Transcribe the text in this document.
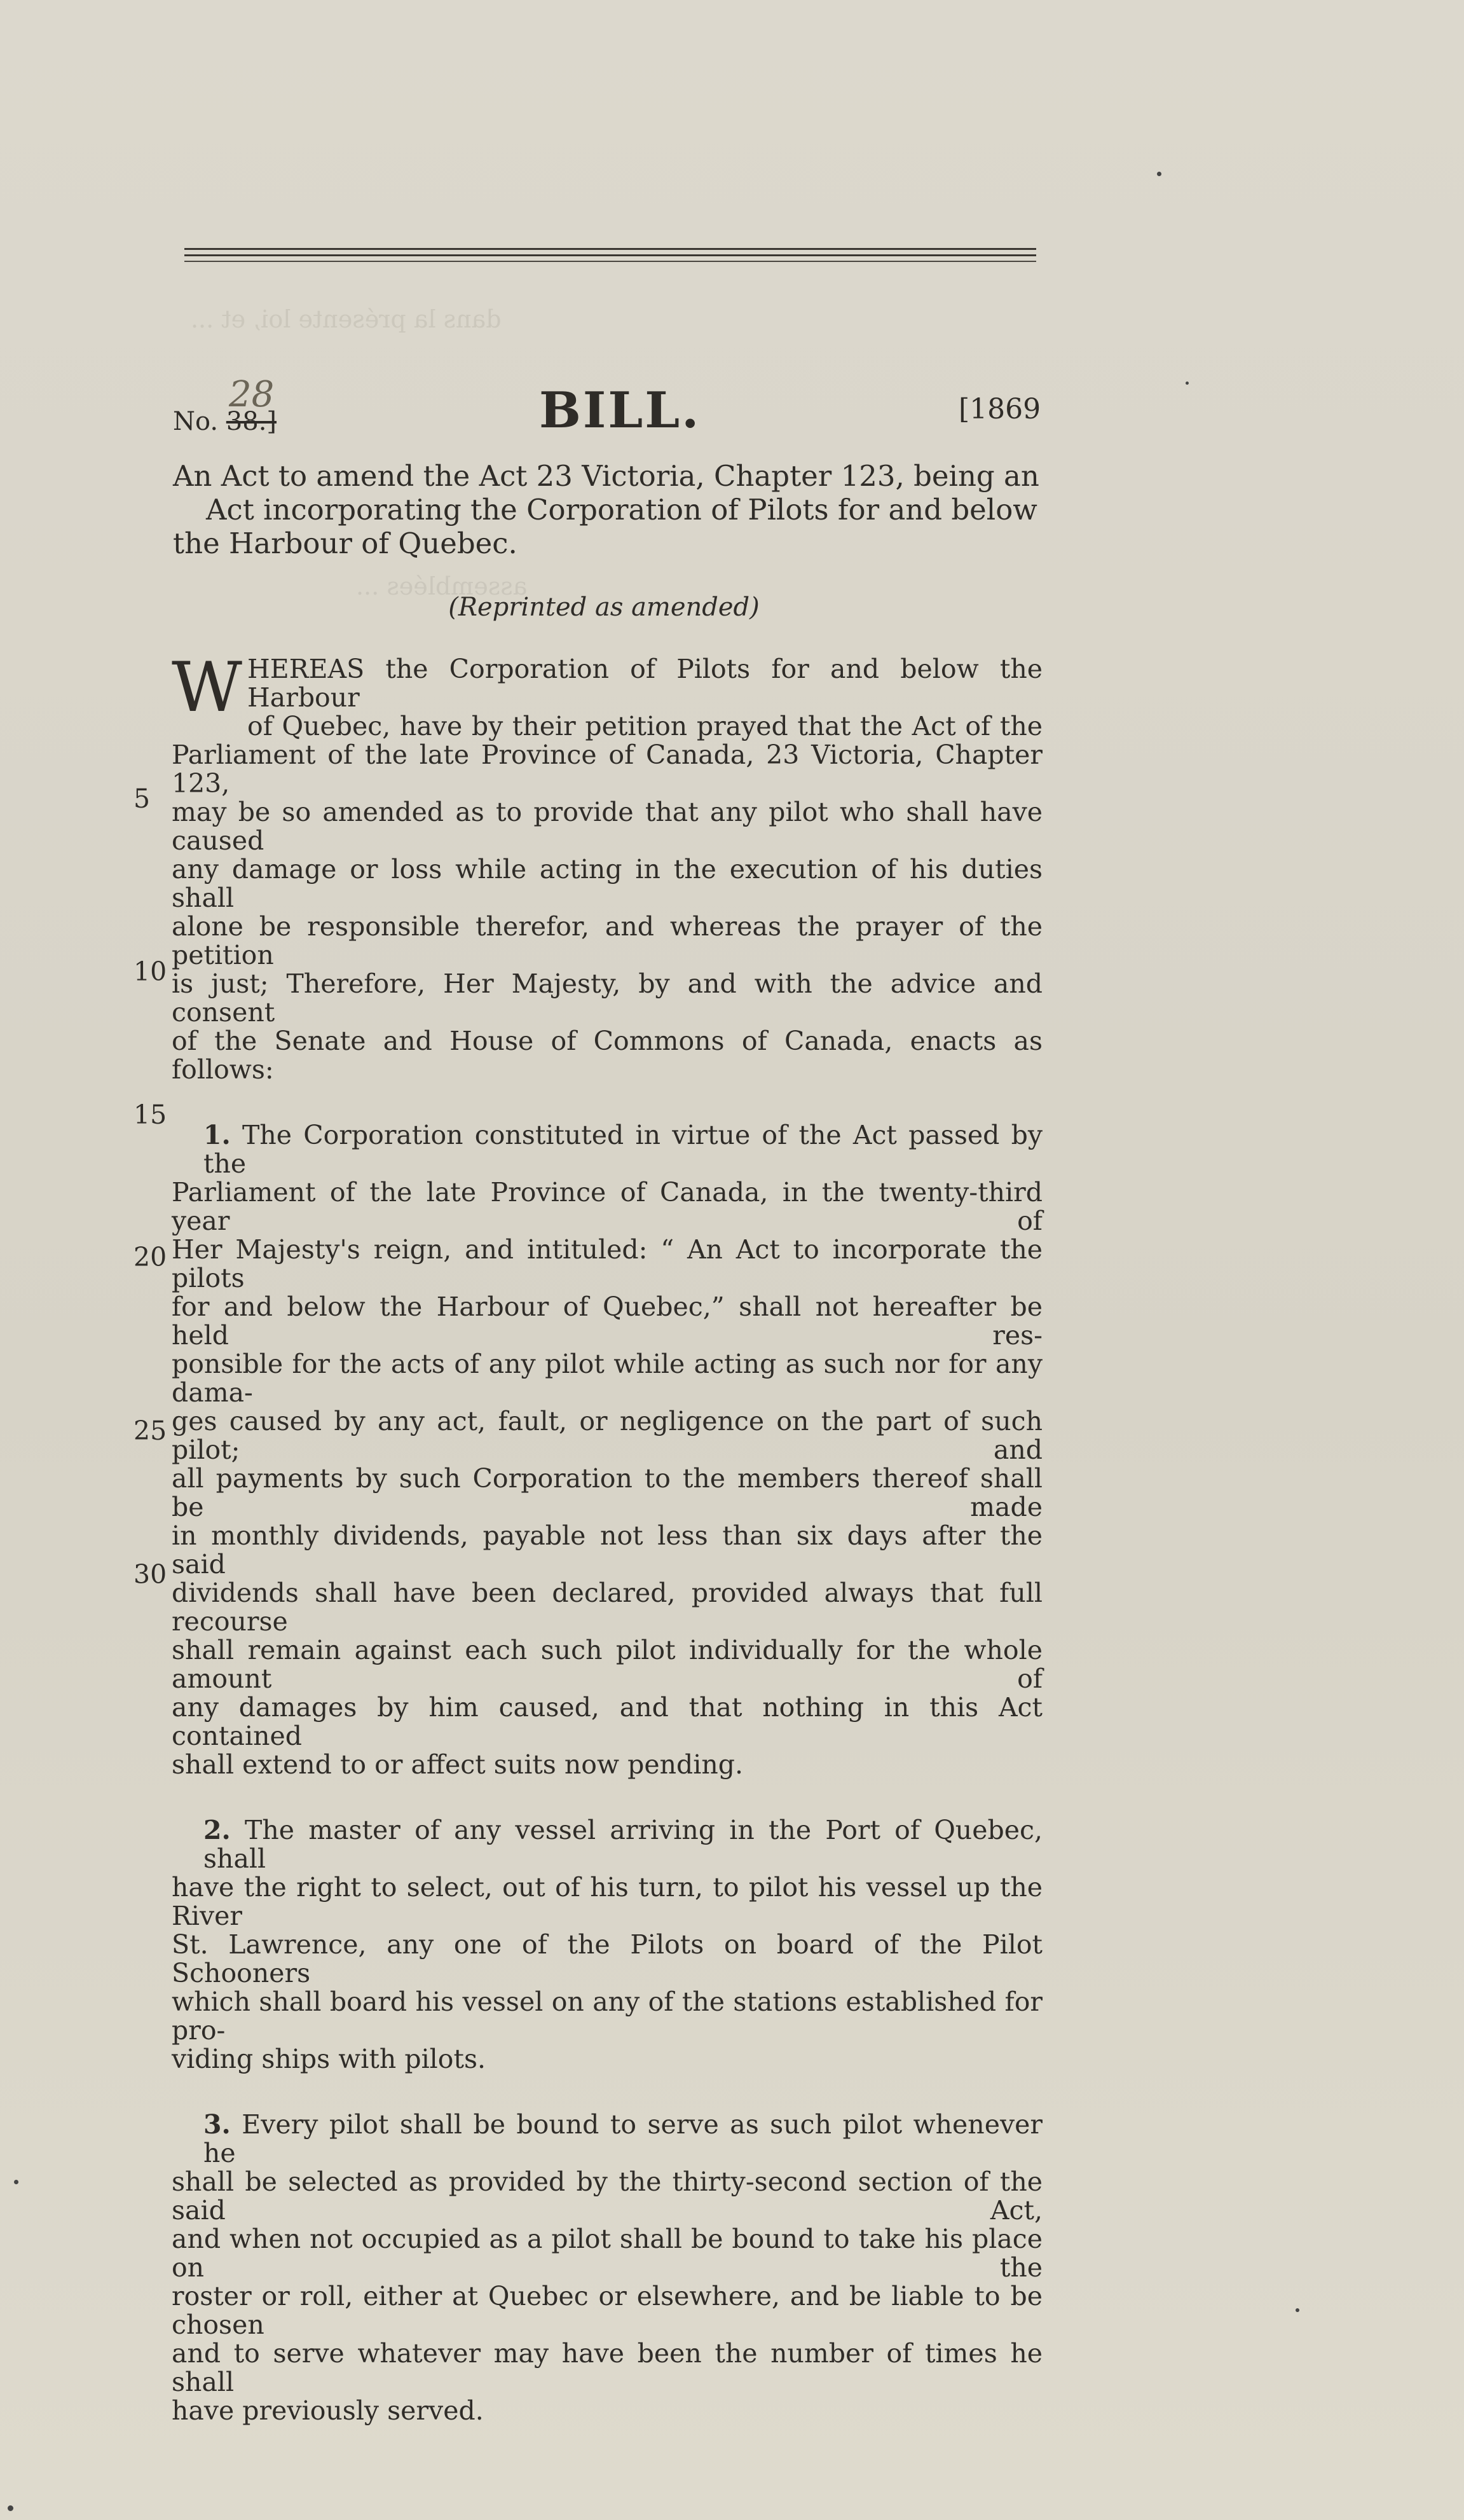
dans la présente loi, et ...
assemblées ...
No. 38.]
28	BILL.	[1869
An Act to amend the Act 23 Victoria, Chapter 123, being an
Act incorporating the Corporation of Pilots for and below
the Harbour of Quebec.
(Reprinted as amended)
W HEREAS the Corporation of Pilots for and below the Harbour
of Quebec, have by their petition prayed that the Act of the
Parliament of the late Province of Canada, 23 Victoria, Chapter 123,
may be so amended as to provide that any pilot who shall have caused
any damage or loss while acting in the execution of his duties shall
alone be responsible therefor, and whereas the prayer of the petition
is just; Therefore, Her Majesty, by and with the advice and consent
of the Senate and House of Commons of Canada, enacts as follows:
1. The Corporation constituted in virtue of the Act passed by the
Parliament of the late Province of Canada, in the twenty-third year of
Her Majesty's reign, and intituled: “ An Act to incorporate the pilots
for and below the Harbour of Quebec,” shall not hereafter be held res-
ponsible for the acts of any pilot while acting as such nor for any dama-
ges caused by any act, fault, or negligence on the part of such pilot; and
all payments by such Corporation to the members thereof shall be made
in monthly dividends, payable not less than six days after the said
dividends shall have been declared, provided always that full recourse
shall remain against each such pilot individually for the whole amount of
any damages by him caused, and that nothing in this Act contained
shall extend to or affect suits now pending.
2. The master of any vessel arriving in the Port of Quebec, shall
have the right to select, out of his turn, to pilot his vessel up the River
St. Lawrence, any one of the Pilots on board of the Pilot Schooners
which shall board his vessel on any of the stations established for pro-
viding ships with pilots.
3. Every pilot shall be bound to serve as such pilot whenever he
shall be selected as provided by the thirty-second section of the said Act,
and when not occupied as a pilot shall be bound to take his place on the
roster or roll, either at Quebec or elsewhere, and be liable to be chosen
and to serve whatever may have been the number of times he shall
have previously served.
5
10
15
20
25
30
